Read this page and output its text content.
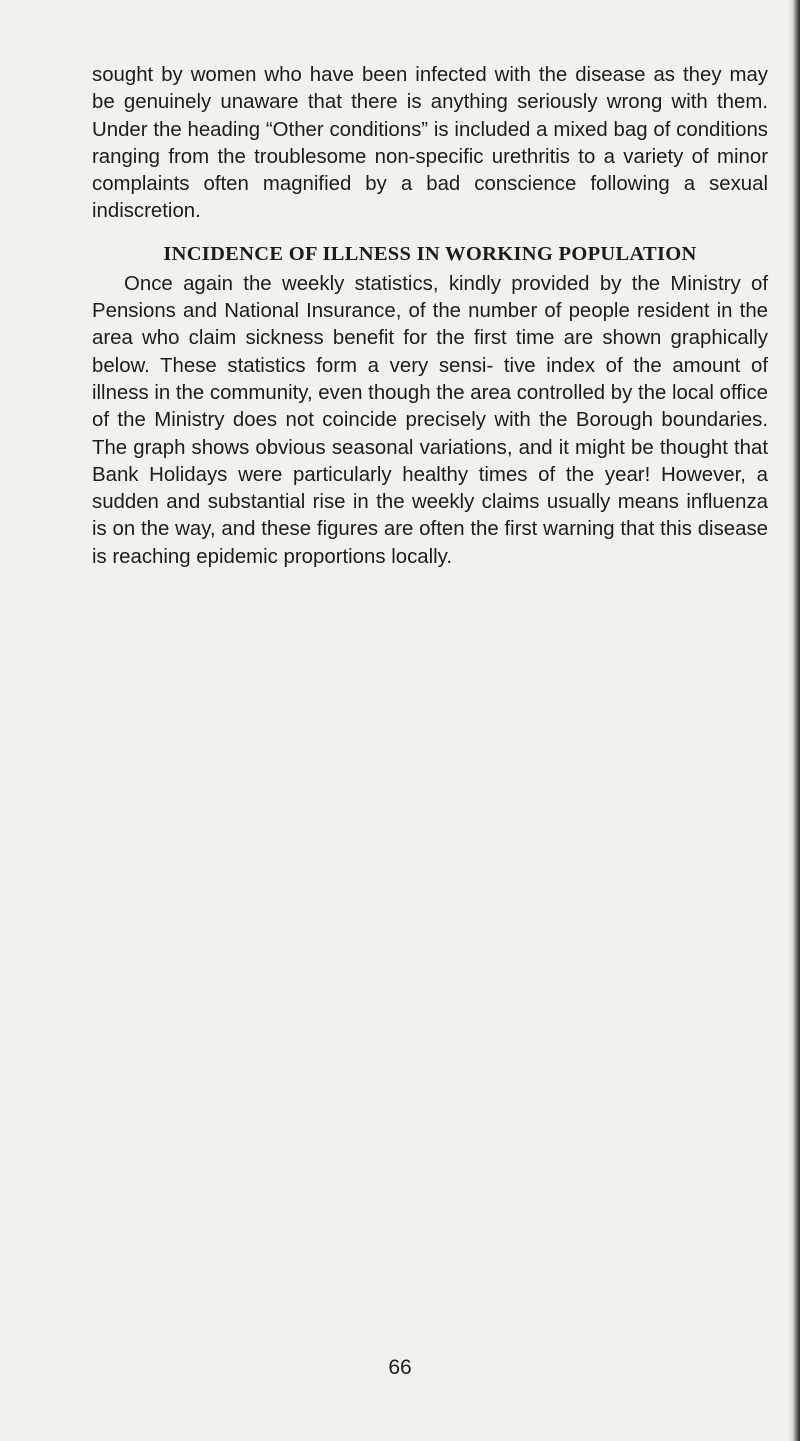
sought by women who have been infected with the disease as they may be genuinely unaware that there is anything seriously wrong with them. Under the heading “Other conditions” is included a mixed bag of conditions ranging from the troublesome non-specific urethritis to a variety of minor complaints often magnified by a bad conscience following a sexual indiscretion.

INCIDENCE OF ILLNESS IN WORKING POPULATION

Once again the weekly statistics, kindly provided by the Ministry of Pensions and National Insurance, of the number of people resident in the area who claim sickness benefit for the first time are shown graphically below. These statistics form a very sensi- tive index of the amount of illness in the community, even though the area controlled by the local office of the Ministry does not coincide precisely with the Borough boundaries. The graph shows obvious seasonal variations, and it might be thought that Bank Holidays were particularly healthy times of the year! However, a sudden and substantial rise in the weekly claims usually means influenza is on the way, and these figures are often the first warning that this disease is reaching epidemic proportions locally.

66
